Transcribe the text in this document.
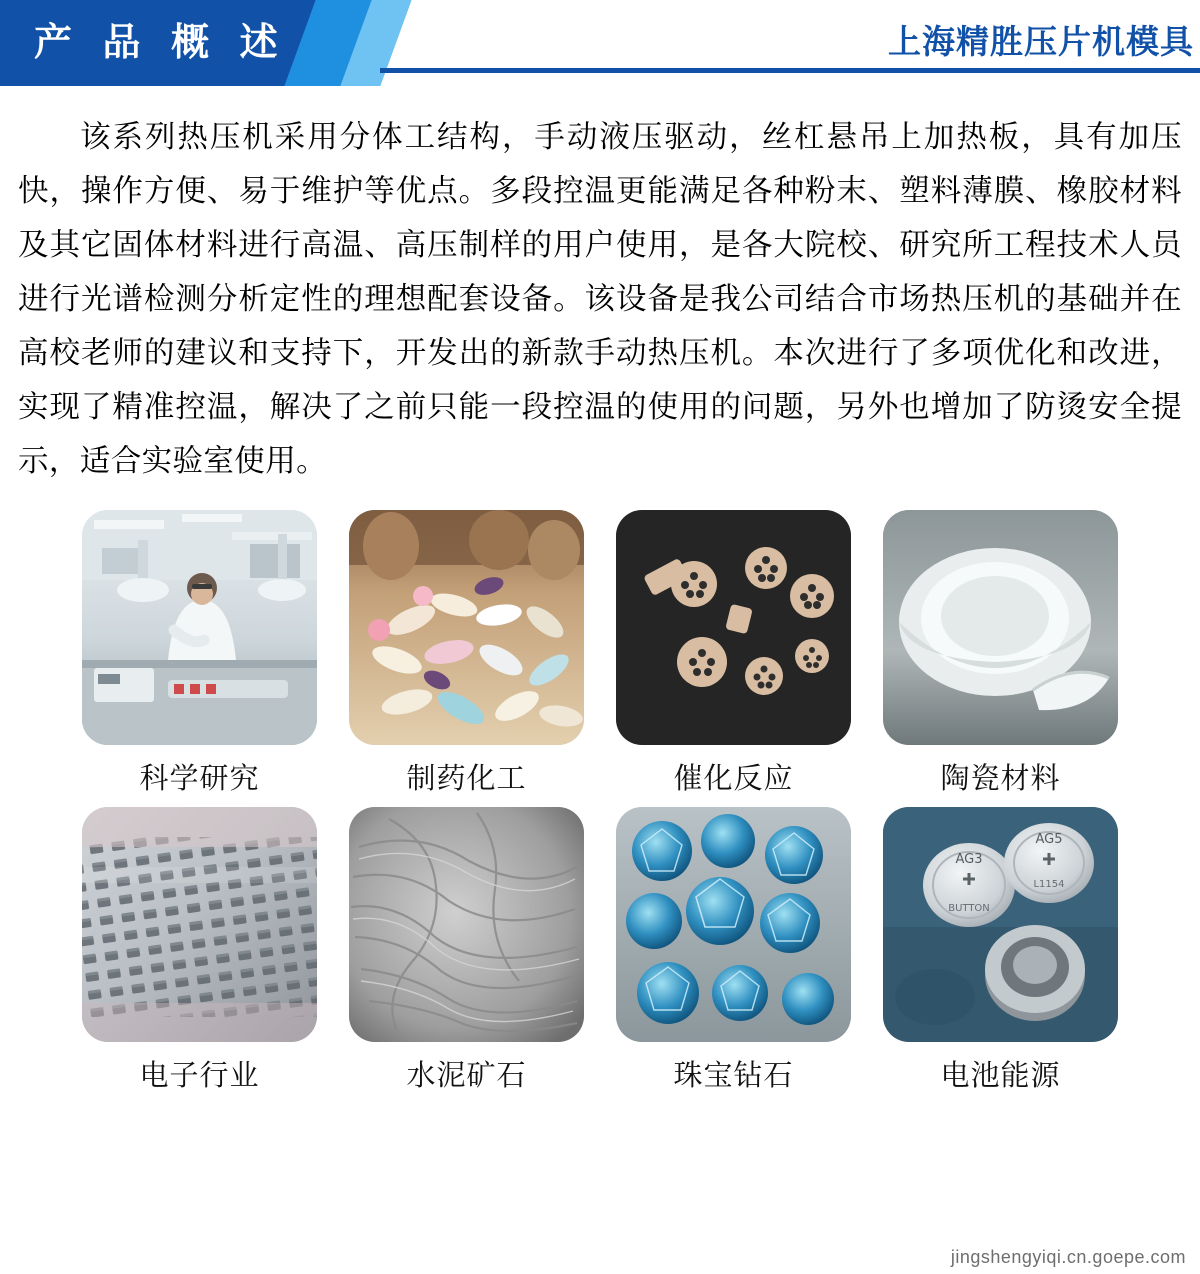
产 品 概 述	上海精胜压片机模具

该系列热压机采用分体工结构，手动液压驱动，丝杠悬吊上加热板，具有加压快，操作方便、易于维护等优点。多段控温更能满足各种粉末、塑料薄膜、橡胶材料及其它固体材料进行高温、高压制样的用户使用，是各大院校、研究所工程技术人员进行光谱检测分析定性的理想配套设备。该设备是我公司结合市场热压机的基础并在高校老师的建议和支持下，开发出的新款手动热压机。本次进行了多项优化和改进，实现了精准控温，解决了之前只能一段控温的使用的问题，另外也增加了防烫安全提示，适合实验室使用。

科学研究	制药化工	催化反应	陶瓷材料
电子行业	水泥矿石	珠宝钻石
AG3
BUTTON
AG5
L1154
电池能源
jingshengyiqi.cn.goepe.com
